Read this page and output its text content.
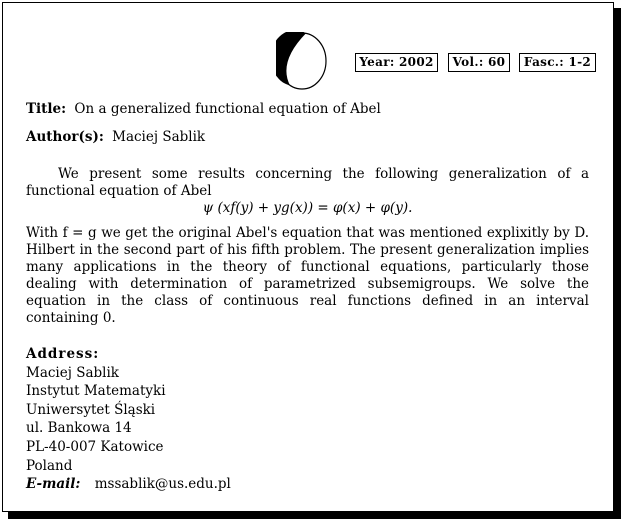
Year: 2002	Vol.: 60	Fasc.: 1-2
Title: On a generalized functional equation of Abel
Author(s): Maciej Sablik

We present some results concerning the following generalization of a functional equation of Abel

ψ (xf(y) + yg(x)) = φ(x) + φ(y).

With f = g we get the original Abel's equation that was mentioned explixitly by D. Hilbert in the second part of his fifth problem. The present generalization implies many applications in the theory of functional equations, particularly those dealing with determination of parametrized subsemigroups. We solve the equation in the class of continuous real functions defined in an interval containing 0.

Address:
Maciej Sablik
Instytut Matematyki
Uniwersytet Śląski
ul. Bankowa 14
PL-40-007 Katowice
Poland
E-mail: mssablik@us.edu.pl
